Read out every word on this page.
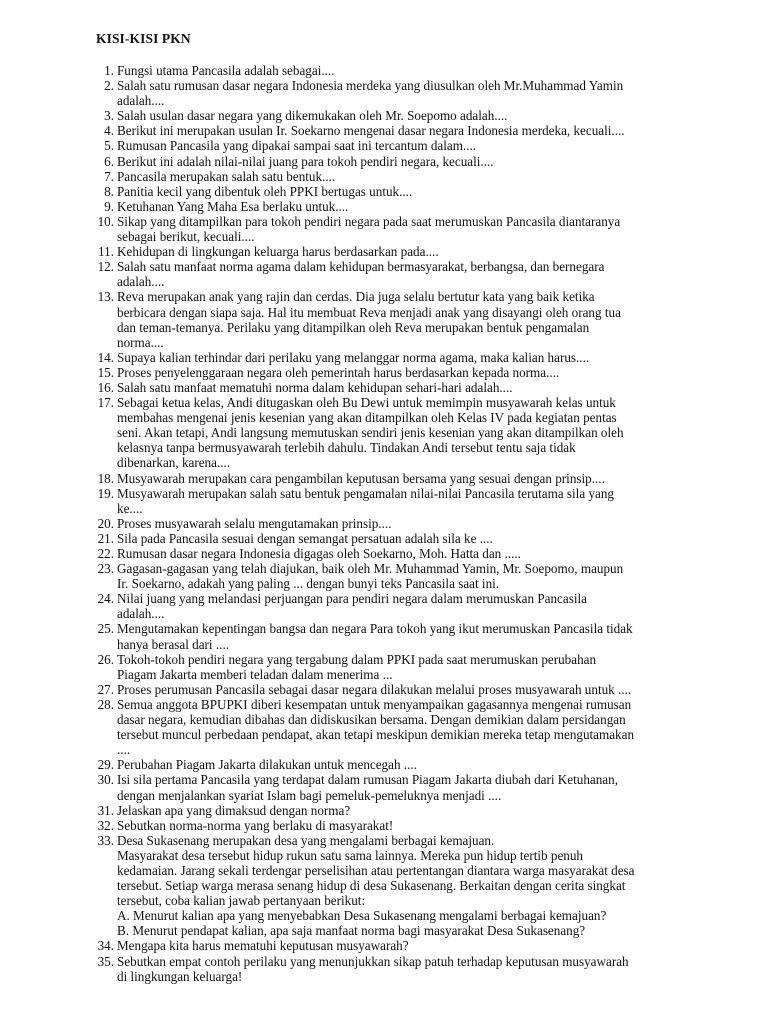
KISI-KISI PKN
1. Fungsi utama Pancasila adalah sebagai....
2. Salah satu rumusan dasar negara Indonesia merdeka yang diusulkan oleh Mr.Muhammad Yamin
adalah....
3. Salah usulan dasar negara yang dikemukakan oleh Mr. Soepomo adalah....
4. Berikut ini merupakan usulan Ir. Soekarno mengenai dasar negara Indonesia merdeka, kecuali....
5. Rumusan Pancasila yang dipakai sampai saat ini tercantum dalam....
6. Berikut ini adalah nilai-nilai juang para tokoh pendiri negara, kecuali....
7. Pancasila merupakan salah satu bentuk....
8. Panitia kecil yang dibentuk oleh PPKI bertugas untuk....
9. Ketuhanan Yang Maha Esa berlaku untuk....
10. Sikap yang ditampilkan para tokoh pendiri negara pada saat merumuskan Pancasila diantaranya
sebagai berikut, kecuali....
11. Kehidupan di lingkungan keluarga harus berdasarkan pada....
12. Salah satu manfaat norma agama dalam kehidupan bermasyarakat, berbangsa, dan bernegara
adalah....
13. Reva merupakan anak yang rajin dan cerdas. Dia juga selalu bertutur kata yang baik ketika
berbicara dengan siapa saja. Hal itu membuat Reva menjadi anak yang disayangi oleh orang tua
dan teman-temanya. Perilaku yang ditampilkan oleh Reva merupakan bentuk pengamalan
norma....
14. Supaya kalian terhindar dari perilaku yang melanggar norma agama, maka kalian harus....
15. Proses penyelenggaraan negara oleh pemerintah harus berdasarkan kepada norma....
16. Salah satu manfaat mematuhi norma dalam kehidupan sehari-hari adalah....
17. Sebagai ketua kelas, Andi ditugaskan oleh Bu Dewi untuk memimpin musyawarah kelas untuk
membahas mengenai jenis kesenian yang akan ditampilkan oleh Kelas IV pada kegiatan pentas
seni. Akan tetapi, Andi langsung memutuskan sendiri jenis kesenian yang akan ditampilkan oleh
kelasnya tanpa bermusyawarah terlebih dahulu. Tindakan Andi tersebut tentu saja tidak
dibenarkan, karena....
18. Musyawarah merupakan cara pengambilan keputusan bersama yang sesuai dengan prinsip....
19. Musyawarah merupakan salah satu bentuk pengamalan nilai-nilai Pancasila terutama sila yang
ke....
20. Proses musyawarah selalu mengutamakan prinsip....
21. Sila pada Pancasila sesuai dengan semangat persatuan adalah sila ke ....
22. Rumusan dasar negara Indonesia digagas oleh Soekarno, Moh. Hatta dan .....
23. Gagasan-gagasan yang telah diajukan, baik oleh Mr. Muhammad Yamin, Mr. Soepomo, maupun
Ir. Soekarno, adakah yang paling ... dengan bunyi teks Pancasila saat ini.
24. Nilai juang yang melandasi perjuangan para pendiri negara dalam merumuskan Pancasila
adalah....
25. Mengutamakan kepentingan bangsa dan negara Para tokoh yang ikut merumuskan Pancasila tidak
hanya berasal dari ....
26. Tokoh-tokoh pendiri negara yang tergabung dalam PPKI pada saat merumuskan perubahan
Piagam Jakarta memberi teladan dalam menerima ...
27. Proses perumusan Pancasila sebagai dasar negara dilakukan melalui proses musyawarah untuk ....
28. Semua anggota BPUPKI diberi kesempatan untuk menyampaikan gagasannya mengenai rumusan
dasar negara, kemudian dibahas dan didiskusikan bersama. Dengan demikian dalam persidangan
tersebut muncul perbedaan pendapat, akan tetapi meskipun demikian mereka tetap mengutamakan
....
29. Perubahan Piagam Jakarta dilakukan untuk mencegah ....
30. Isi sila pertama Pancasila yang terdapat dalam rumusan Piagam Jakarta diubah dari Ketuhanan,
dengan menjalankan syariat Islam bagi pemeluk-pemeluknya menjadi ....
31. Jelaskan apa yang dimaksud dengan norma?
32. Sebutkan norma-norma yang berlaku di masyarakat!
33. Desa Sukasenang merupakan desa yang mengalami berbagai kemajuan.
Masyarakat desa tersebut hidup rukun satu sama lainnya. Mereka pun hidup tertib penuh
kedamaian. Jarang sekali terdengar perselisihan atau pertentangan diantara warga masyarakat desa
tersebut. Setiap warga merasa senang hidup di desa Sukasenang. Berkaitan dengan cerita singkat
tersebut, coba kalian jawab pertanyaan berikut:
A. Menurut kalian apa yang menyebabkan Desa Sukasenang mengalami berbagai kemajuan?
B. Menurut pendapat kalian, apa saja manfaat norma bagi masyarakat Desa Sukasenang?
34. Mengapa kita harus mematuhi keputusan musyawarah?
35. Sebutkan empat contoh perilaku yang menunjukkan sikap patuh terhadap keputusan musyawarah
di lingkungan keluarga!
